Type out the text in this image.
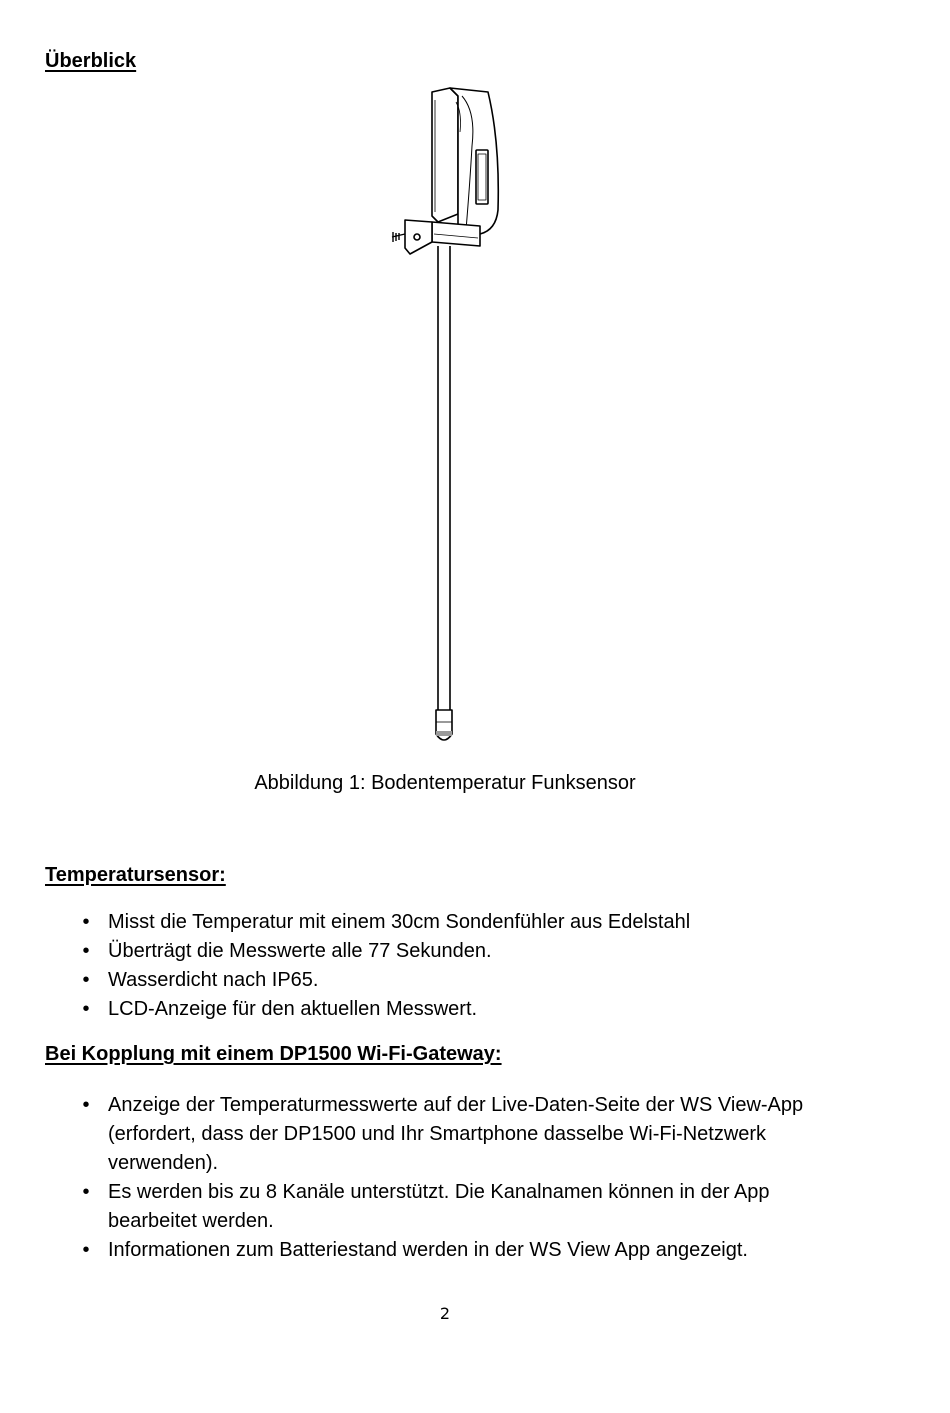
Überblick
Abbildung 1: Bodentemperatur Funksensor
Temperatursensor:
• Misst die Temperatur mit einem 30cm Sondenfühler aus Edelstahl
• Überträgt die Messwerte alle 77 Sekunden.
• Wasserdicht nach IP65.
• LCD-Anzeige für den aktuellen Messwert.
Bei Kopplung mit einem DP1500 Wi-Fi-Gateway:
• Anzeige der Temperaturmesswerte auf der Live-Daten-Seite der WS View-App (erfordert, dass der DP1500 und Ihr Smartphone dasselbe Wi-Fi-Netzwerk verwenden).
• Es werden bis zu 8 Kanäle unterstützt. Die Kanalnamen können in der App bearbeitet werden.
• Informationen zum Batteriestand werden in der WS View App angezeigt.
2
